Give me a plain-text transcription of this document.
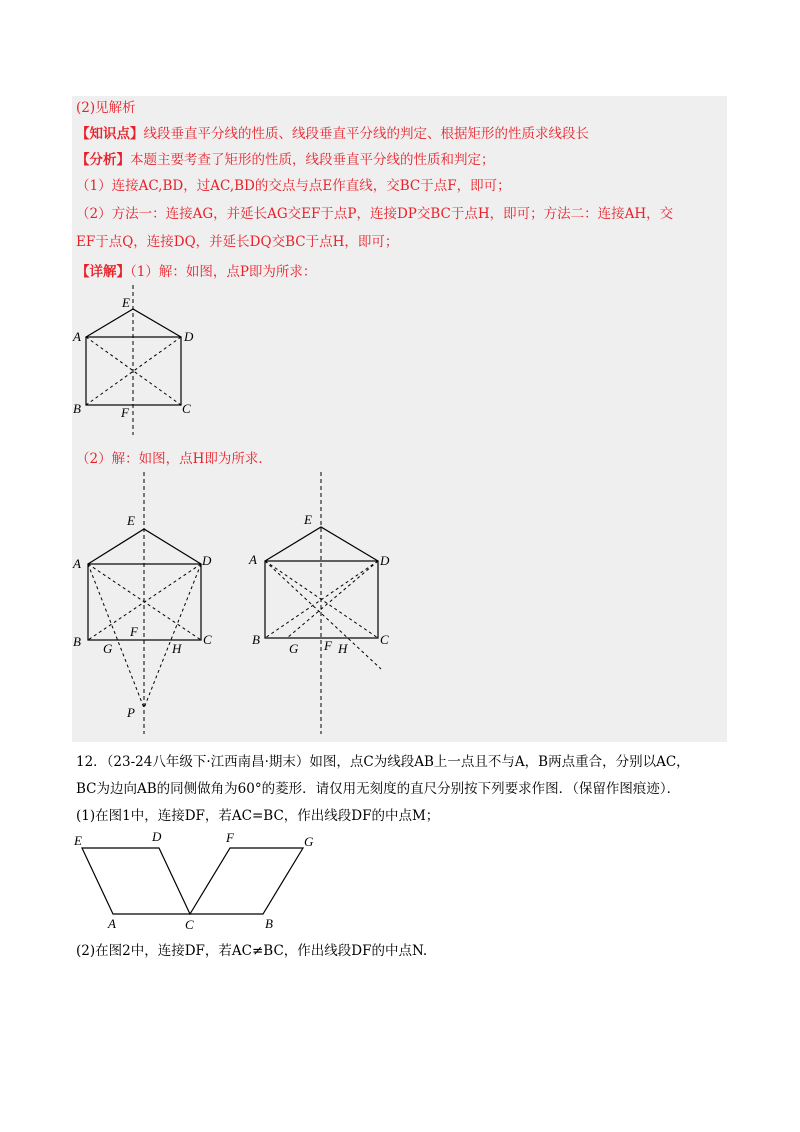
(2)见解析
【知识点】线段垂直平分线的性质、线段垂直平分线的判定、根据矩形的性质求线段长
【分析】本题主要考查了矩形的性质，线段垂直平分线的性质和判定；
（1）连接AC,BD，过AC,BD的交点与点E作直线，交BC于点F，即可；
（2）方法一：连接AG，并延长AG交EF于点P，连接DP交BC于点H，即可；方法二：连接AH，交
EF于点Q，连接DQ，并延长DQ交BC于点H，即可；
【详解】（1）解：如图，点P即为所求：
E
A	D
B	F	C
（2）解：如图，点H即为所求．
E
A	D
B
F
C
G	H
P
E
A	D
B	C
G F H
12．（23-24八年级下·江西南昌·期末）如图，点C为线段AB上一点且不与A，B两点重合，分别以AC，
BC为边向AB的同侧做角为60°的菱形．请仅用无刻度的直尺分别按下列要求作图．（保留作图痕迹）．
(1)在图1中，连接DF，若AC=BC，作出线段DF的中点M；
E	D	F	G
A	C	B
(2)在图2中，连接DF，若AC≠BC，作出线段DF的中点N.
